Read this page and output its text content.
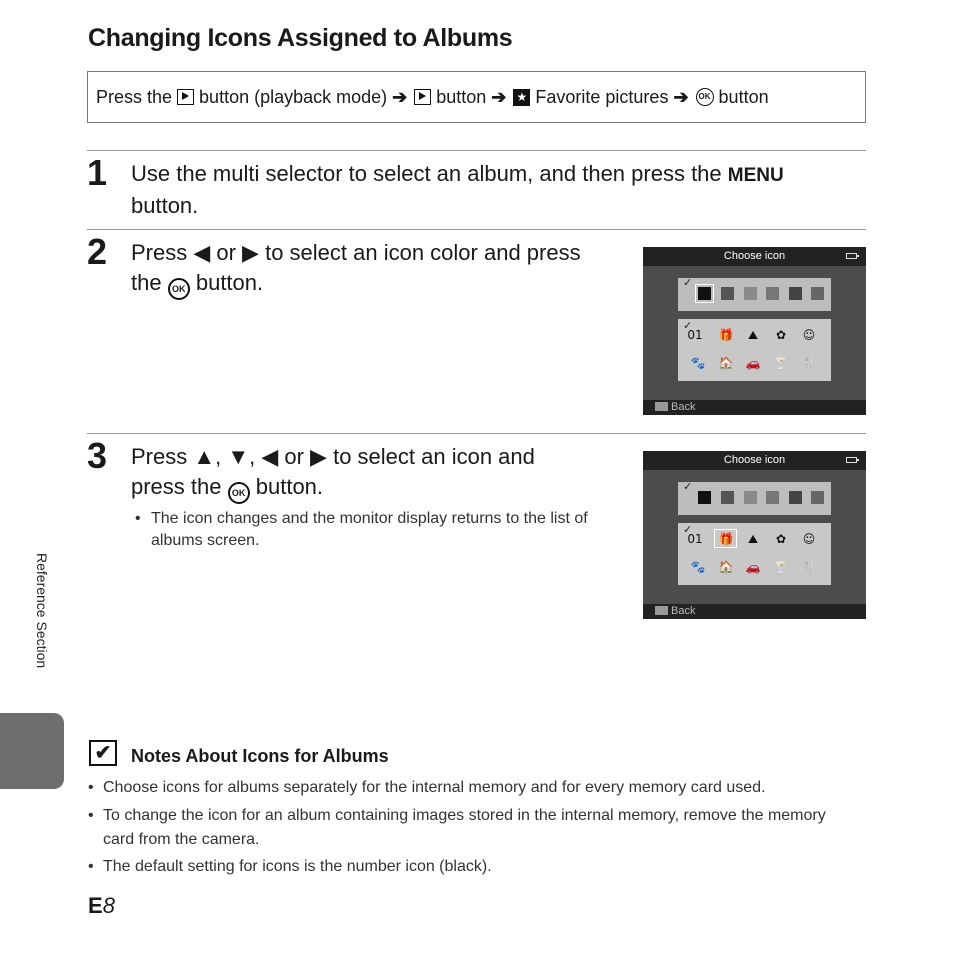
Changing Icons Assigned to Albums
Press the button (playback mode) ➔ button ➔ ★ Favorite pictures ➔	OK button
1 Use the multi selector to select an album, and then press the MENU
button.
2 Press ◀ or ▶ to select an icon color and press
the OK button.
Choose icon
✓
✓
01 🎁	⛰	✿	☺
🐾 🏠 🚗 🍸 🍴
Back
3 Press ▲, ▼, ◀ or ▶ to select an icon and
press the OK button.
• The icon changes and the monitor display returns to the list of albums screen.
Choose icon
✓
✓
01 🎁	⛰	✿	☺
🐾 🏠 🚗 🍸 🍴
Back
Reference Section
✔	Notes About Icons for Albums
• Choose icons for albums separately for the internal memory and for every memory card used.
• To change the icon for an album containing images stored in the internal memory, remove the memory card from the camera.
• The default setting for icons is the number icon (black).
E8
